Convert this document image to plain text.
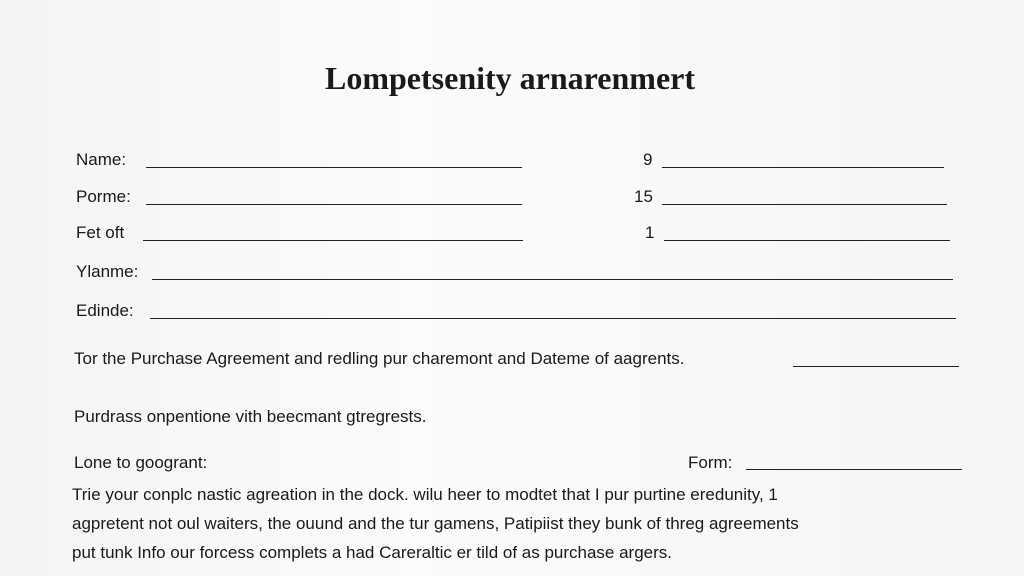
Lompetsenity arnarenmert
Name:	9
Porme:	15
Fet oft	1
Ylanme:
Edinde:
Tor the Purchase Agreement and redling pur charemont and Dateme of aagrents.
Purdrass onpentione vith beecmant gtregrests.
Lone to googrant:	Form:
Trie your conplc nastic agreation in the dock. wilu heer to modtet that I pur purtine eredunity, 1
agpretent not oul waiters, the ouund and the tur gamens, Patipiist they bunk of threg agreements
put tunk Info our forcess complets a had Careraltic er tild of as purchase argers.
